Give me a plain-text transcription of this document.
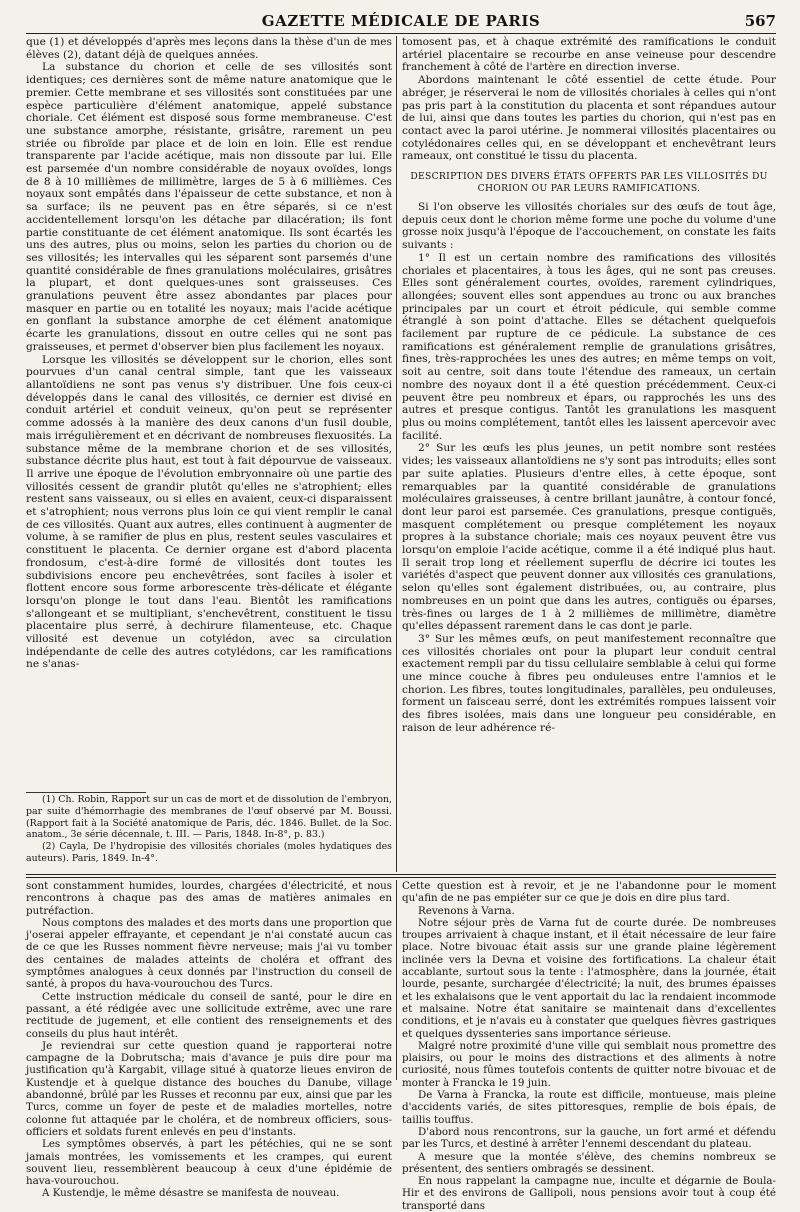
GAZETTE MÉDICALE DE PARIS	567

que (1) et développés d'après mes leçons dans la thèse d'un de mes élèves (2), datant déjà de quelques années.

La substance du chorion et celle de ses villosités sont identiques; ces dernières sont de même nature anatomique que le premier. Cette membrane et ses villosités sont constituées par une espèce particulière d'élément anatomique, appelé substance choriale. Cet élément est disposé sous forme membraneuse. C'est une substance amorphe, résistante, grisâtre, rarement un peu striée ou fibroïde par place et de loin en loin. Elle est rendue transparente par l'acide acétique, mais non dissoute par lui. Elle est parsemée d'un nombre considérable de noyaux ovoïdes, longs de 8 à 10 millièmes de millimètre, larges de 5 à 6 millièmes. Ces noyaux sont empâtés dans l'épaisseur de cette substance, et non à sa surface; ils ne peuvent pas en être séparés, si ce n'est accidentellement lorsqu'on les détache par dilacération; ils font partie constituante de cet élément anatomique. Ils sont écartés les uns des autres, plus ou moins, selon les parties du chorion ou de ses villosités; les intervalles qui les séparent sont parsemés d'une quantité considérable de fines granulations moléculaires, grisâtres la plupart, et dont quelques-unes sont graisseuses. Ces granulations peuvent être assez abondantes par places pour masquer en partie ou en totalité les noyaux; mais l'acide acétique en gonflant la substance amorphe de cet élément anatomique écarte les granulations, dissout en outre celles qui ne sont pas graisseuses, et permet d'observer bien plus facilement les noyaux.

Lorsque les villosités se développent sur le chorion, elles sont pourvues d'un canal central simple, tant que les vaisseaux allantoïdiens ne sont pas venus s'y distribuer. Une fois ceux-ci développés dans le canal des villosités, ce dernier est divisé en conduit artériel et conduit veineux, qu'on peut se représenter comme adossés à la manière des deux canons d'un fusil double, mais irrégulièrement et en décrivant de nombreuses flexuosités. La substance même de la membrane chorion et de ses villosités, substance décrite plus haut, est tout à fait dépourvue de vaisseaux. Il arrive une époque de l'évolution embryonnaire où une partie des villosités cessent de grandir plutôt qu'elles ne s'atrophient; elles restent sans vaisseaux, ou si elles en avaient, ceux-ci disparaissent et s'atrophient; nous verrons plus loin ce qui vient remplir le canal de ces villosités. Quant aux autres, elles continuent à augmenter de volume, à se ramifier de plus en plus, restent seules vasculaires et constituent le placenta. Ce dernier organe est d'abord placenta frondosum, c'est-à-dire formé de villosités dont toutes les subdivisions encore peu enchevêtrées, sont faciles à isoler et flottent encore sous forme arborescente très-délicate et élégante lorsqu'on plonge le tout dans l'eau. Bientôt les ramifications s'allongeant et se multipliant, s'enchevêtrent, constituent le tissu placentaire plus serré, à dechirure filamenteuse, etc. Chaque villosité est devenue un cotylédon, avec sa circulation indépendante de celle des autres cotylédons, car les ramifications ne s'anas-

(1) Ch. Robin, Rapport sur un cas de mort et de dissolution de l'embryon, par suite d'hémorrhagie des membranes de l'œuf observé par M. Boussi. (Rapport fait à la Société anatomique de Paris, déc. 1846. Bullet. de la Soc. anatom., 3e série décennale, t. III. — Paris, 1848. In-8°, p. 83.)

(2) Cayla, De l'hydropisie des villosités choriales (moles hydatiques des auteurs). Paris, 1849. In-4°.

tomosent pas, et à chaque extrémité des ramifications le conduit artériel placentaire se recourbe en anse veineuse pour descendre franchement à côté de l'artère en direction inverse.

Abordons maintenant le côté essentiel de cette étude. Pour abréger, je réserverai le nom de villosités choriales à celles qui n'ont pas pris part à la constitution du placenta et sont répandues autour de lui, ainsi que dans toutes les parties du chorion, qui n'est pas en contact avec la paroi utérine. Je nommerai villosités placentaires ou cotylédonaires celles qui, en se développant et enchevêtrant leurs rameaux, ont constitué le tissu du placenta.

DESCRIPTION DES DIVERS ÉTATS OFFERTS PAR LES VILLOSITÉS DU CHORION OU PAR LEURS RAMIFICATIONS.

Si l'on observe les villosités choriales sur des œufs de tout âge, depuis ceux dont le chorion même forme une poche du volume d'une grosse noix jusqu'à l'époque de l'accouchement, on constate les faits suivants :

1° Il est un certain nombre des ramifications des villosités choriales et placentaires, à tous les âges, qui ne sont pas creuses. Elles sont généralement courtes, ovoïdes, rarement cylindriques, allongées; souvent elles sont appendues au tronc ou aux branches principales par un court et étroit pédicule, qui semble comme étranglé à son point d'attache. Elles se détachent quelquefois facilement par rupture de ce pédicule. La substance de ces ramifications est généralement remplie de granulations grisâtres, fines, très-rapprochées les unes des autres; en même temps on voit, soit au centre, soit dans toute l'étendue des rameaux, un certain nombre des noyaux dont il a été question précédemment. Ceux-ci peuvent être peu nombreux et épars, ou rapprochés les uns des autres et presque contigus. Tantôt les granulations les masquent plus ou moins complétement, tantôt elles les laissent apercevoir avec facilité.

2° Sur les œufs les plus jeunes, un petit nombre sont restées vides; les vaisseaux allantoïdiens ne s'y sont pas introduits; elles sont par suite aplaties. Plusieurs d'entre elles, à cette époque, sont remarquables par la quantité considérable de granulations moléculaires graisseuses, à centre brillant jaunâtre, à contour foncé, dont leur paroi est parsemée. Ces granulations, presque contiguës, masquent complétement ou presque complétement les noyaux propres à la substance choriale; mais ces noyaux peuvent être vus lorsqu'on emploie l'acide acétique, comme il a été indiqué plus haut. Il serait trop long et réellement superflu de décrire ici toutes les variétés d'aspect que peuvent donner aux villosités ces granulations, selon qu'elles sont également distribuées, ou, au contraire, plus nombreuses en un point que dans les autres, contiguës ou éparses, très-fines ou larges de 1 à 2 millièmes de millimètre, diamètre qu'elles dépassent rarement dans le cas dont je parle.

3° Sur les mêmes œufs, on peut manifestement reconnaître que ces villosités choriales ont pour la plupart leur conduit central exactement rempli par du tissu cellulaire semblable à celui qui forme une mince couche à fibres peu onduleuses entre l'amnios et le chorion. Les fibres, toutes longitudinales, parallèles, peu onduleuses, forment un faisceau serré, dont les extrémités rompues laissent voir des fibres isolées, mais dans une longueur peu considérable, en raison de leur adhérence ré-

sont constamment humides, lourdes, chargées d'électricité, et nous rencontrons à chaque pas des amas de matières animales en putréfaction.

Nous comptons des malades et des morts dans une proportion que j'oserai appeler effrayante, et cependant je n'ai constaté aucun cas de ce que les Russes nomment fièvre nerveuse; mais j'ai vu tomber des centaines de malades atteints de choléra et offrant des symptômes analogues à ceux donnés par l'instruction du conseil de santé, à propos du hava-vourouchou des Turcs.

Cette instruction médicale du conseil de santé, pour le dire en passant, a été rédigée avec une sollicitude extrême, avec une rare rectitude de jugement, et elle contient des renseignements et des conseils du plus haut intérêt.

Je reviendrai sur cette question quand je rapporterai notre campagne de la Dobrutscha; mais d'avance je puis dire pour ma justification qu'à Kargabit, village situé à quatorze lieues environ de Kustendje et à quelque distance des bouches du Danube, village abandonné, brûlé par les Russes et reconnu par eux, ainsi que par les Turcs, comme un foyer de peste et de maladies mortelles, notre colonne fut attaquée par le choléra, et de nombreux officiers, sous-officiers et soldats furent enlevés en peu d'instants.

Les symptômes observés, à part les pétéchies, qui ne se sont jamais montrées, les vomissements et les crampes, qui eurent souvent lieu, ressemblèrent beaucoup à ceux d'une épidémie de hava-vourouchou.

A Kustendje, le même désastre se manifesta de nouveau.

Cette question est à revoir, et je ne l'abandonne pour le moment qu'afin de ne pas empiéter sur ce que je dois en dire plus tard.

Revenons à Varna.

Notre séjour près de Varna fut de courte durée. De nombreuses troupes arrivaient à chaque instant, et il était nécessaire de leur faire place. Notre bivouac était assis sur une grande plaine légèrement inclinée vers la Devna et voisine des fortifications. La chaleur était accablante, surtout sous la tente : l'atmosphère, dans la journée, était lourde, pesante, surchargée d'électricité; la nuit, des brumes épaisses et les exhalaisons que le vent apportait du lac la rendaient incommode et malsaine. Notre état sanitaire se maintenait dans d'excellentes conditions, et je n'avais eu à constater que quelques fièvres gastriques et quelques dyssenteries sans importance sérieuse.

Malgré notre proximité d'une ville qui semblait nous promettre des plaisirs, ou pour le moins des distractions et des aliments à notre curiosité, nous fûmes toutefois contents de quitter notre bivouac et de monter à Francka le 19 juin.

De Varna à Francka, la route est difficile, montueuse, mais pleine d'accidents variés, de sites pittoresques, remplie de bois épais, de taillis touffus.

D'abord nous rencontrons, sur la gauche, un fort armé et défendu par les Turcs, et destiné à arrêter l'ennemi descendant du plateau.

A mesure que la montée s'élève, des chemins nombreux se présentent, des sentiers ombragés se dessinent.

En nous rappelant la campagne nue, inculte et dégarnie de Boula-Hir et des environs de Gallipoli, nous pensions avoir tout à coup été transporté dans
